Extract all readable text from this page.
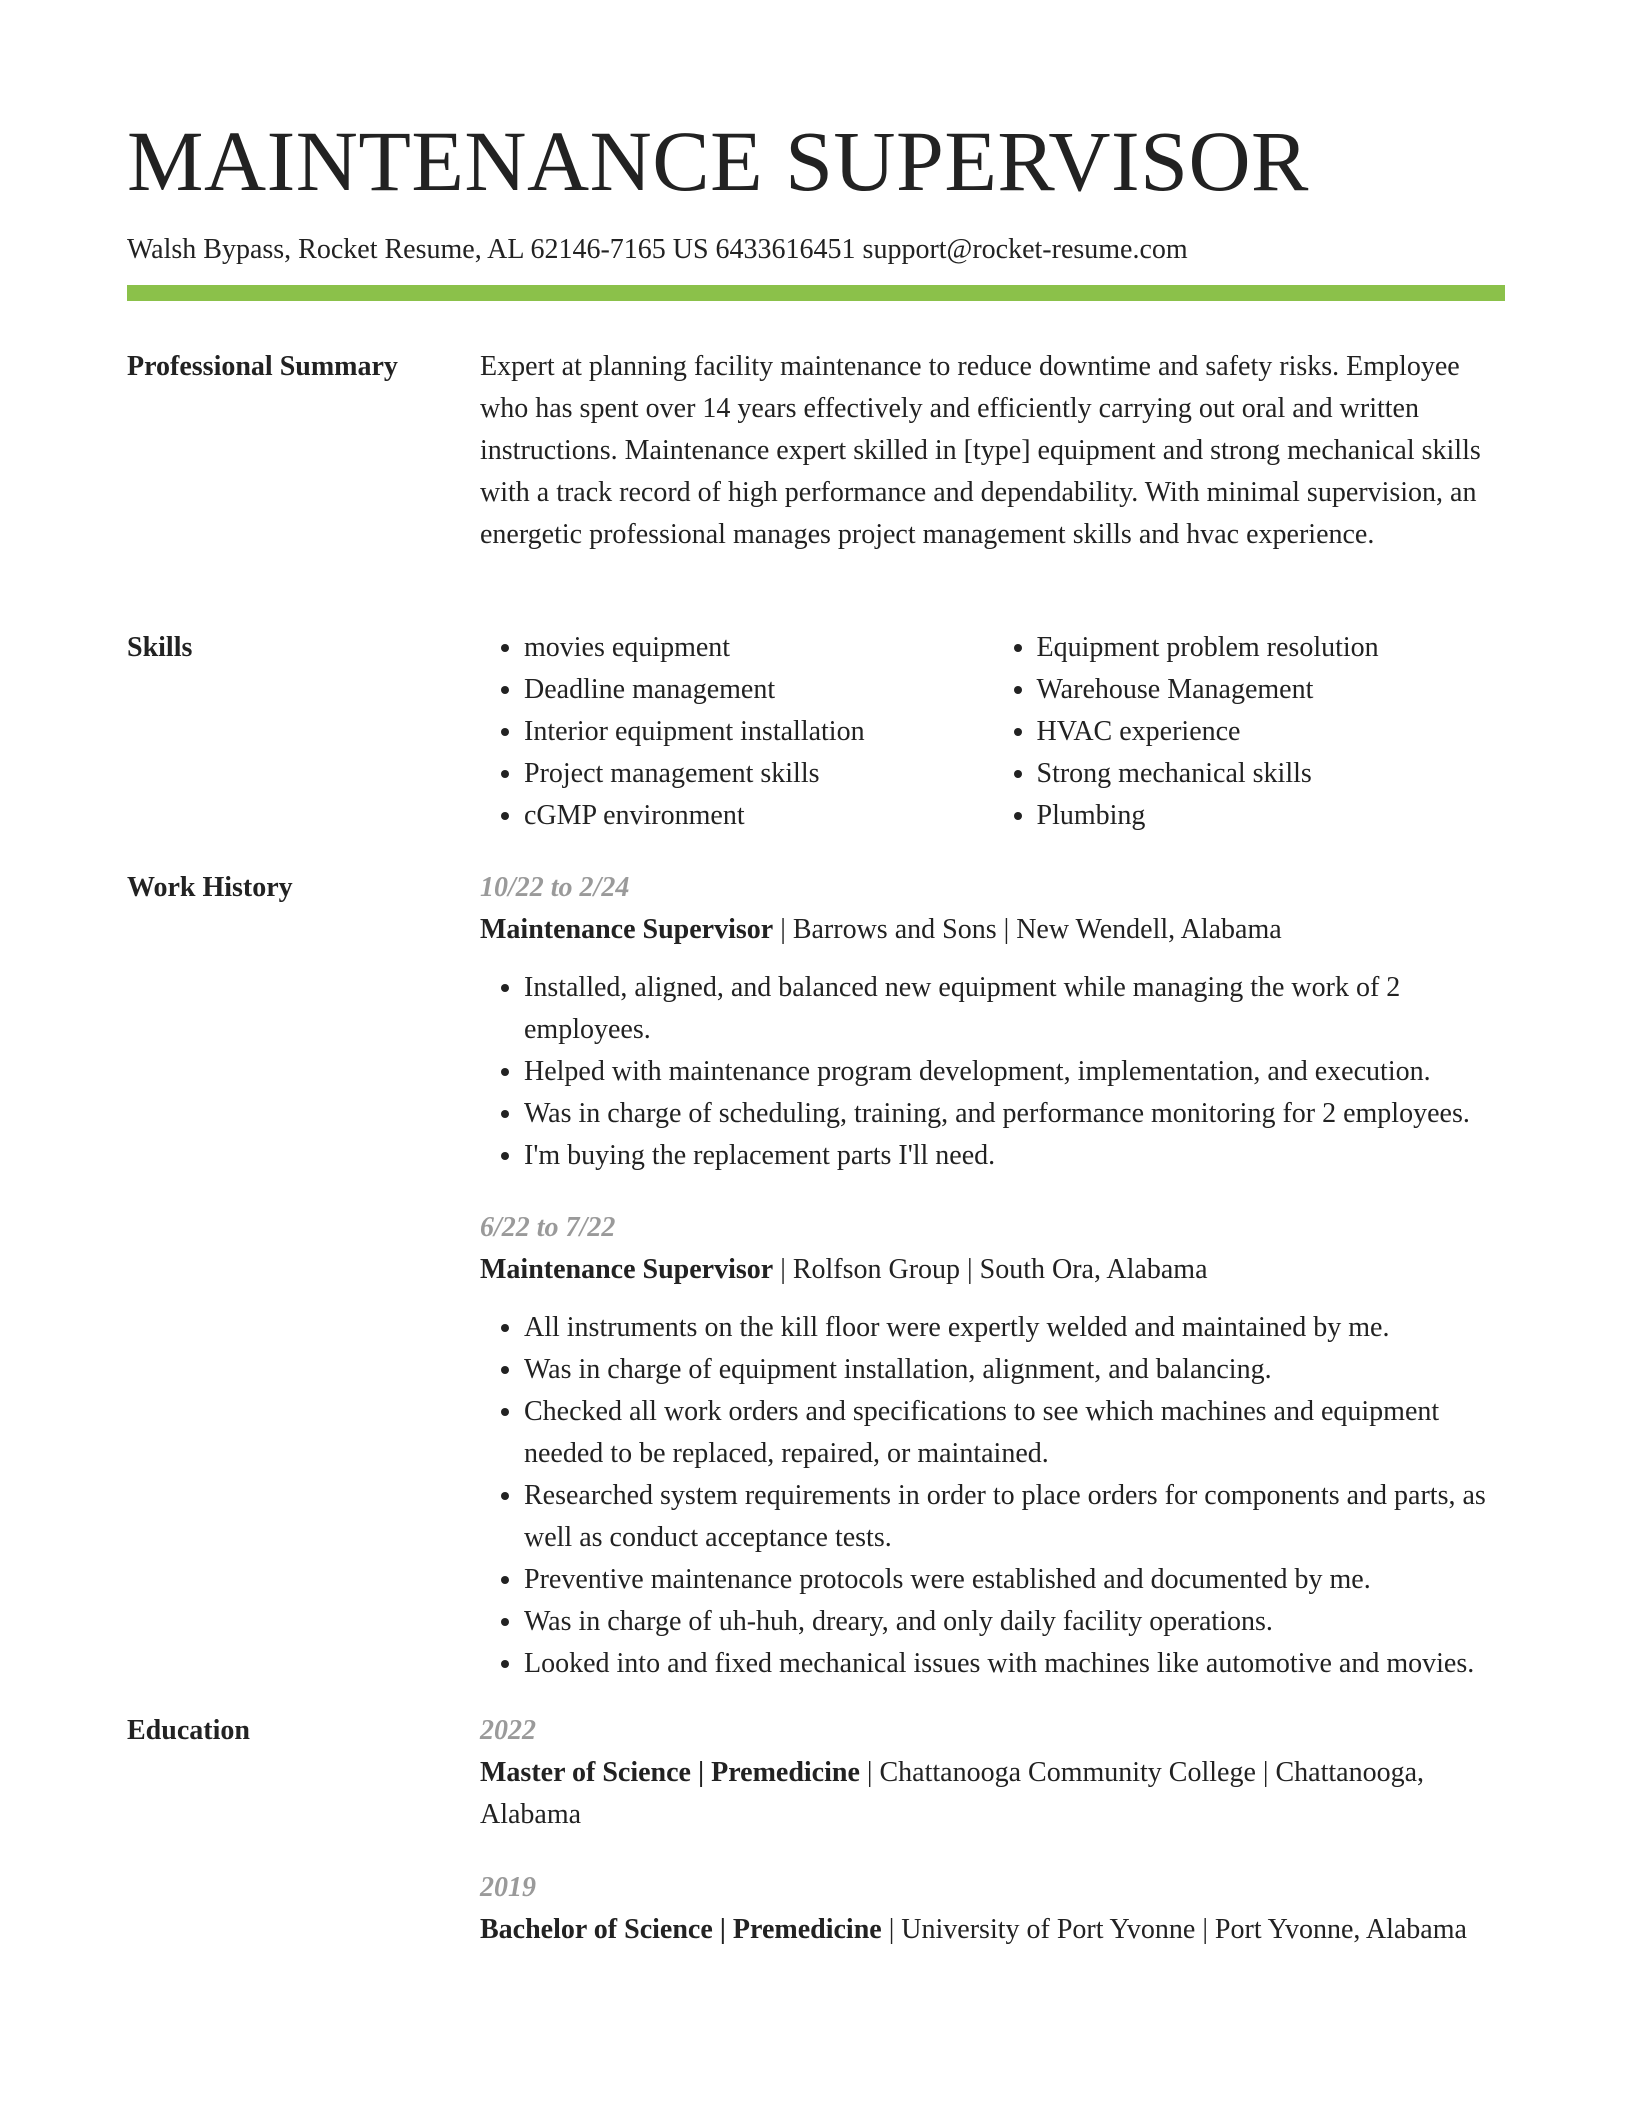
MAINTENANCE SUPERVISOR
Walsh Bypass, Rocket Resume, AL 62146-7165 US 6433616451 support@rocket-resume.com
Professional Summary	Expert at planning facility maintenance to reduce downtime and safety risks. Employee who has spent over 14 years effectively and efficiently carrying out oral and written instructions. Maintenance expert skilled in [type] equipment and strong mechanical skills with a track record of high performance and dependability. With minimal supervision, an energetic professional manages project management skills and hvac experience.

Skills
•	movies equipment
• Deadline management
• Interior equipment installation
• Project management skills
• cGMP environment
• Equipment problem resolution
• Warehouse Management
• HVAC experience
• Strong mechanical skills
• Plumbing
Work History	10/22 to 2/24
Maintenance Supervisor | Barrows and Sons | New Wendell, Alabama
• Installed, aligned, and balanced new equipment while managing the work of 2 employees.
• Helped with maintenance program development, implementation, and execution.
• Was in charge of scheduling, training, and performance monitoring for 2 employees.
• I'm buying the replacement parts I'll need.
6/22 to 7/22
Maintenance Supervisor | Rolfson Group | South Ora, Alabama
• All instruments on the kill floor were expertly welded and maintained by me.
• Was in charge of equipment installation, alignment, and balancing.
• Checked all work orders and specifications to see which machines and equipment needed to be replaced, repaired, or maintained.
• Researched system requirements in order to place orders for components and parts, as well as conduct acceptance tests.
• Preventive maintenance protocols were established and documented by me.
• Was in charge of uh-huh, dreary, and only daily facility operations.
• Looked into and fixed mechanical issues with machines like automotive and movies.
Education	2022
Master of Science | Premedicine | Chattanooga Community College | Chattanooga, Alabama
2019
Bachelor of Science | Premedicine | University of Port Yvonne | Port Yvonne, Alabama
